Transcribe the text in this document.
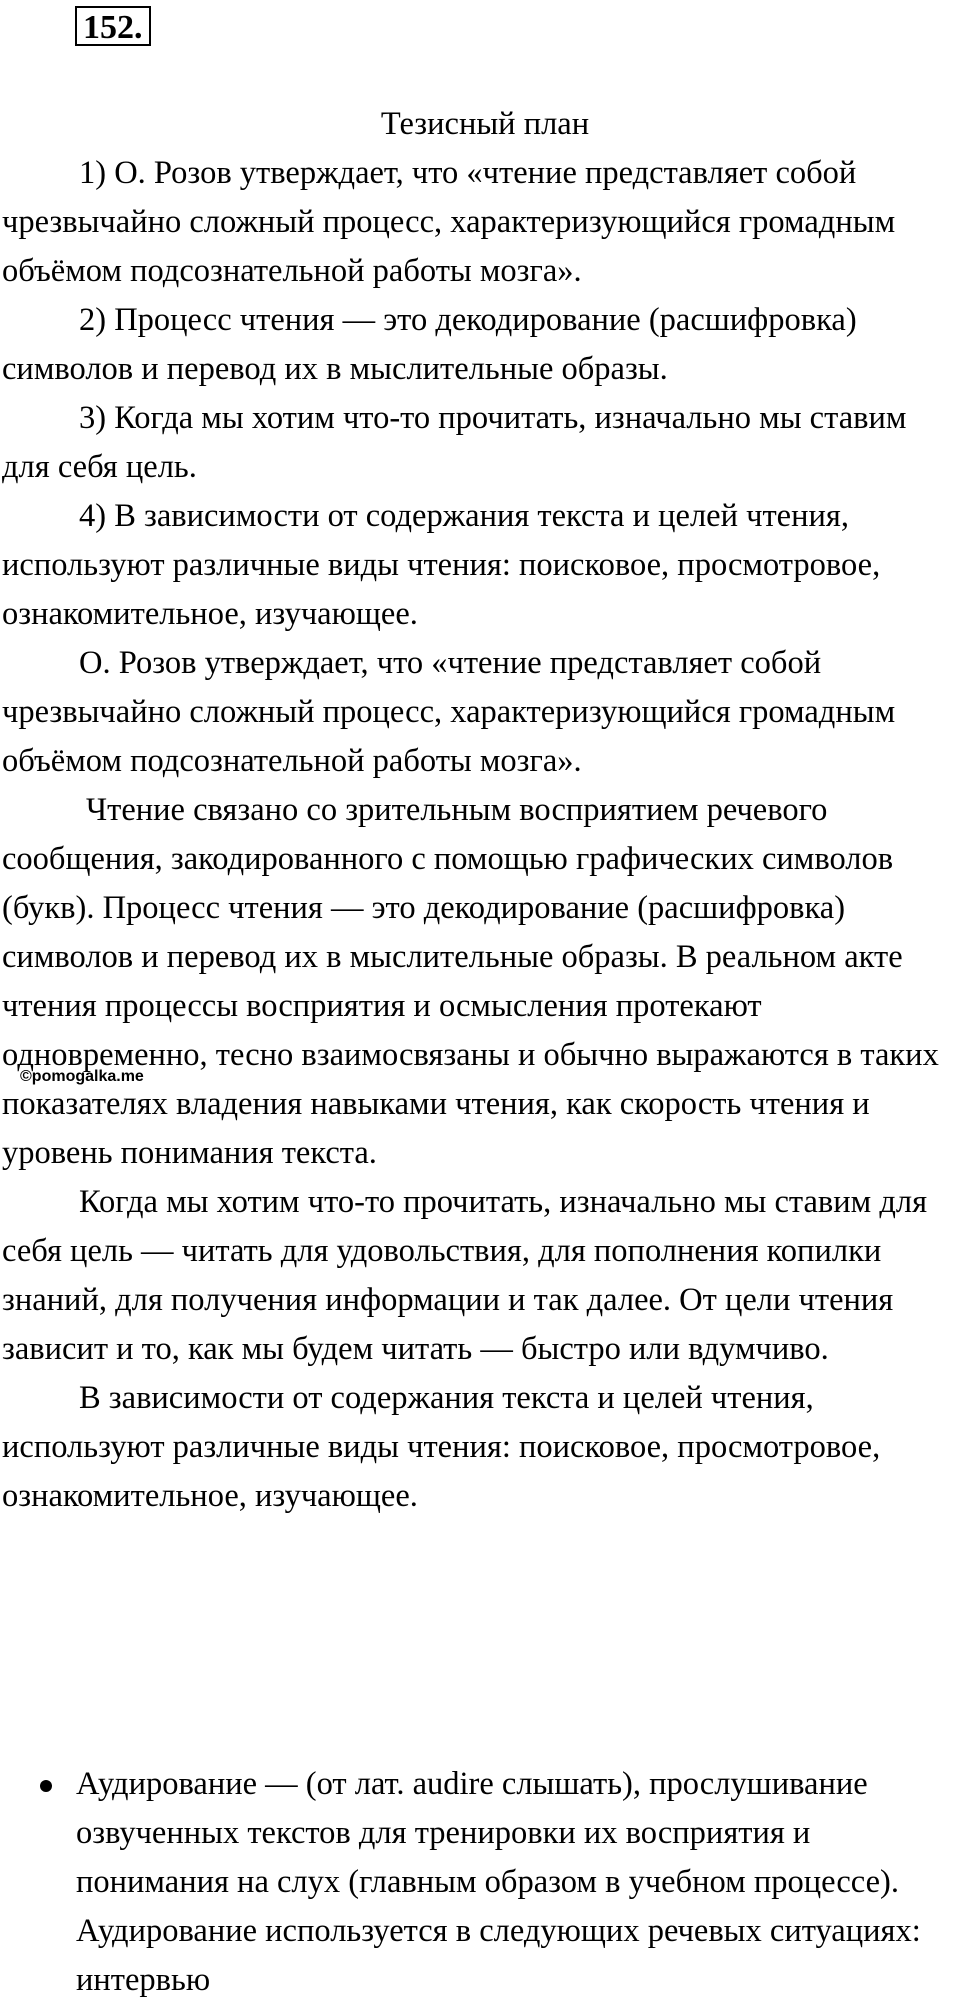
152.

Тезисный план

1) О. Розов утверждает, что «чтение представляет собой чрезвычайно сложный процесс, характеризующийся громадным объёмом подсознательной работы мозга».

2) Процесс чтения — это декодирование (расшифровка) символов и перевод их в мыслительные образы.

3) Когда мы хотим что-то прочитать, изначально мы ставим для себя цель.

4) В зависимости от содержания текста и целей чтения, используют различные виды чтения: поисковое, просмотровое, ознакомительное, изучающее.

О. Розов утверждает, что «чтение представляет собой чрезвычайно сложный процесс, характеризующийся громадным объёмом подсознательной работы мозга».

Чтение связано со зрительным восприятием речевого сообщения, закодированного с помощью графических символов (букв). Процесс чтения — это декодирование (расшифровка) символов и перевод их в мыслительные образы. В реальном акте чтения процессы восприятия и осмысления протекают одновременно, тесно взаимосвязаны и обычно выражаются в таких показателях владения навыками чтения, как скорость чтения и уровень понимания текста.

Когда мы хотим что-то прочитать, изначально мы ставим для себя цель — читать для удовольствия, для пополнения копилки знаний, для получения информации и так далее. От цели чтения зависит и то, как мы будем читать — быстро или вдумчиво.

В зависимости от содержания текста и целей чтения, используют различные виды чтения: поисковое, просмотровое, ознакомительное, изучающее.

©pomogalka.me
Аудирование — (от лат. audire слышать), прослушивание озвученных текстов для тренировки их восприятия и понимания на слух (главным образом в учебном процессе). Аудирование используется в следующих речевых ситуациях: интервью
